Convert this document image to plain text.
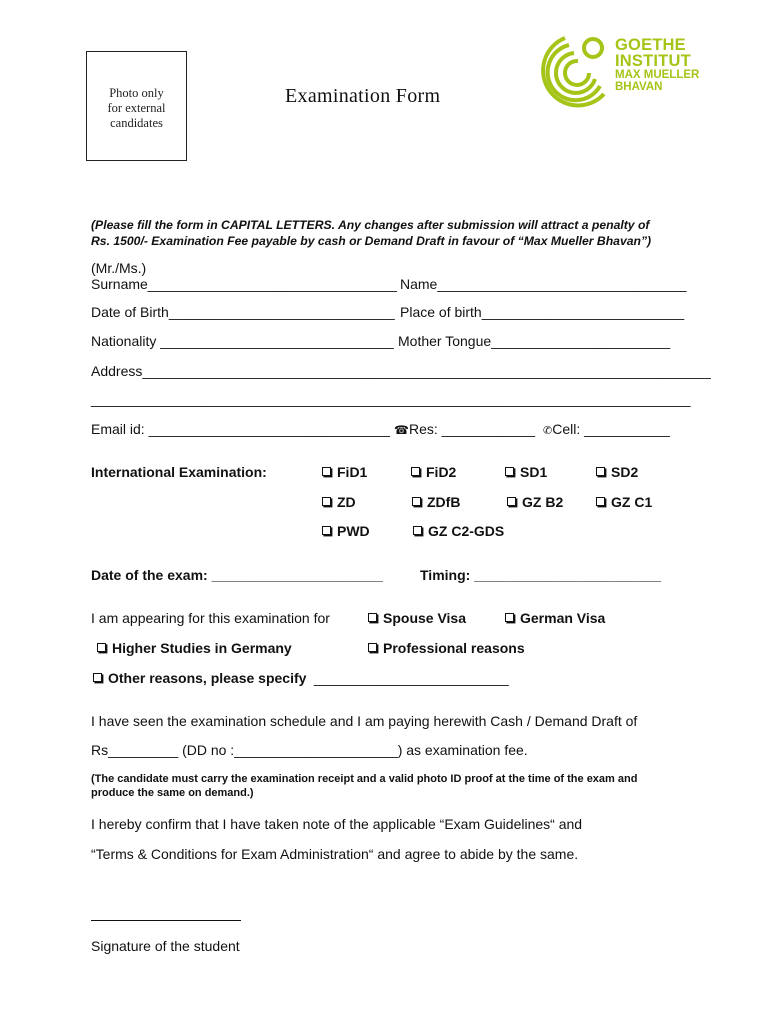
Photo only
for external
candidates
Examination Form
GOETHE
INSTITUT
MAX MUELLER
BHAVAN
(Please fill the form in CAPITAL LETTERS. Any changes after submission will attract a penalty of
Rs. 1500/- Examination Fee payable by cash or Demand Draft in favour of “Max Mueller Bhavan”)
(Mr./Ms.)
Surname________________________________ Name________________________________
Date of Birth_____________________________ Place of birth__________________________
Nationality ______________________________ Mother Tongue_______________________
Address_________________________________________________________________________
_____________________________________________________________________________
Email id: _______________________________ ☎Res: ____________ ✆Cell: ___________
International Examination:	FiD1	FiD2	SD1	SD2
ZD	ZDfB	GZ B2	GZ C1
PWD	GZ C2-GDS
Date of the exam: ______________________	Timing: ________________________
I am appearing for this examination for	Spouse Visa	German Visa
Higher Studies in Germany	Professional reasons
Other reasons, please specify _________________________
I have seen the examination schedule and I am paying herewith Cash / Demand Draft of
Rs_________ (DD no :_____________________) as examination fee.
(The candidate must carry the examination receipt and a valid photo ID proof at the time of the exam and
produce the same on demand.)
I hereby confirm that I have taken note of the applicable “Exam Guidelines“ and
“Terms & Conditions for Exam Administration“ and agree to abide by the same.
Signature of the student
